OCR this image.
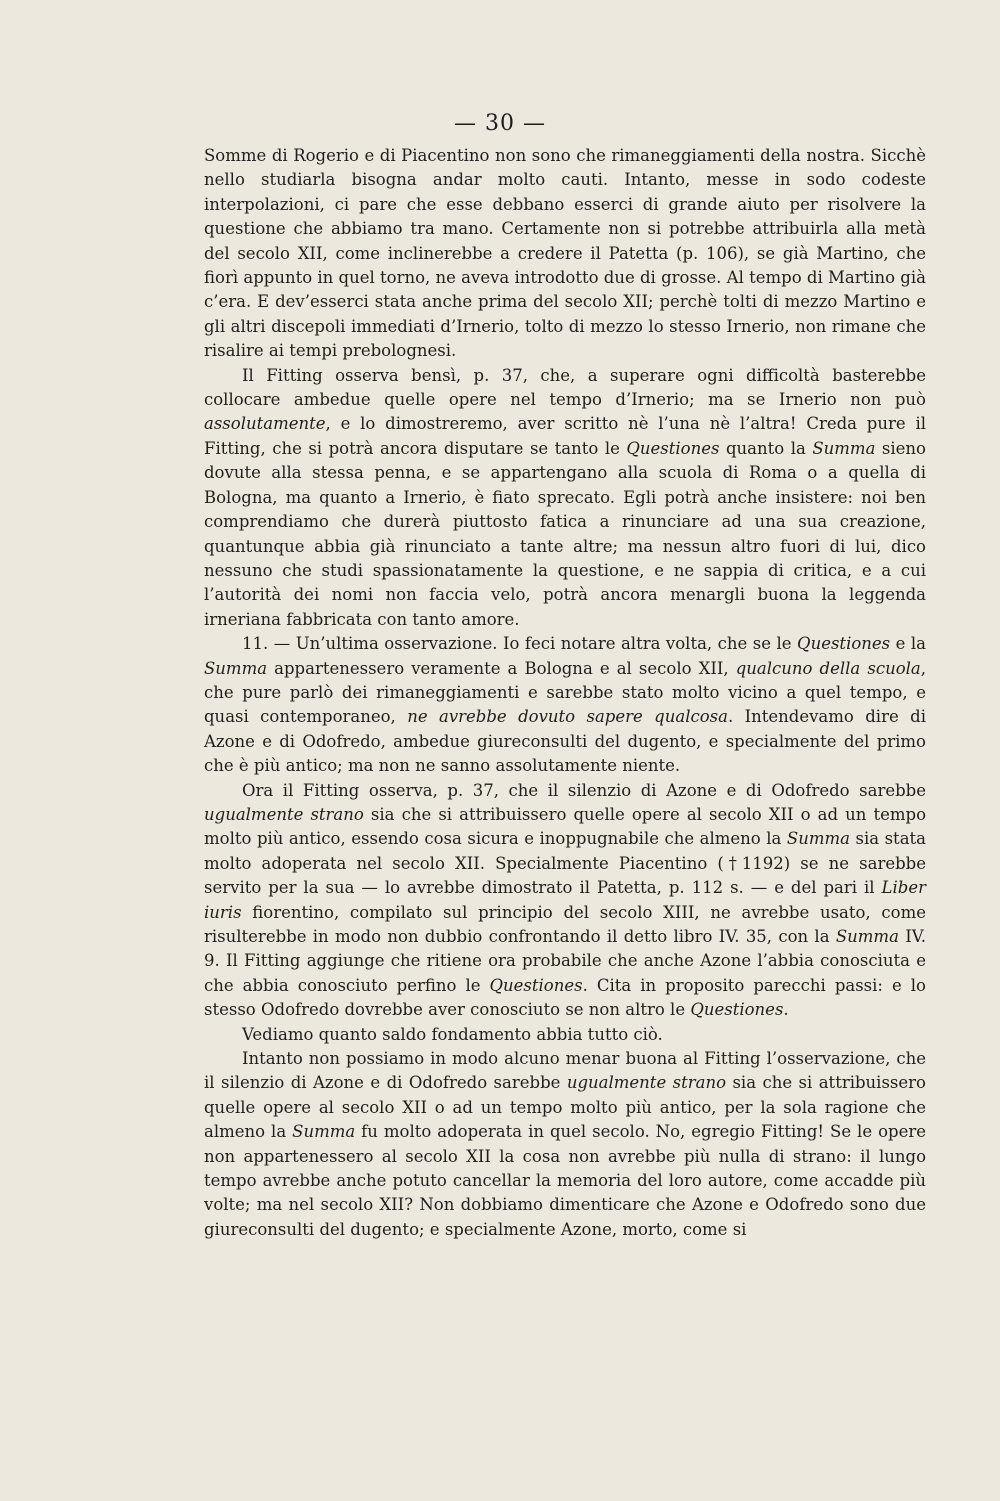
— 30 —

Somme di Rogerio e di Piacentino non sono che rimaneggiamenti della nostra. Sicchè nello studiarla bisogna andar molto cauti. Intanto, messe in sodo codeste interpolazioni, ci pare che esse debbano esserci di grande aiuto per risolvere la questione che abbiamo tra mano. Certamente non si potrebbe attribuirla alla metà del secolo XII, come inclinerebbe a credere il Patetta (p. 106), se già Martino, che fiorì appunto in quel torno, ne aveva introdotto due di grosse. Al tempo di Martino già c’era. E dev’esserci stata anche prima del secolo XII; perchè tolti di mezzo Martino e gli altri discepoli immediati d’Irnerio, tolto di mezzo lo stesso Irnerio, non rimane che risalire ai tempi prebolognesi.

Il Fitting osserva bensì, p. 37, che, a superare ogni difficoltà basterebbe collocare ambedue quelle opere nel tempo d’Irnerio; ma se Irnerio non può assolutamente, e lo dimostreremo, aver scritto nè l’una nè l’altra! Creda pure il Fitting, che si potrà ancora disputare se tanto le Questiones quanto la Summa sieno dovute alla stessa penna, e se appartengano alla scuola di Roma o a quella di Bologna, ma quanto a Irnerio, è fiato sprecato. Egli potrà anche insistere: noi ben comprendiamo che durerà piuttosto fatica a rinunciare ad una sua creazione, quantunque abbia già rinunciato a tante altre; ma nessun altro fuori di lui, dico nessuno che studi spassionatamente la questione, e ne sappia di critica, e a cui l’autorità dei nomi non faccia velo, potrà ancora menargli buona la leggenda irneriana fabbricata con tanto amore.

11. — Un’ultima osservazione. Io feci notare altra volta, che se le Questiones e la Summa appartenessero veramente a Bologna e al secolo XII, qualcuno della scuola, che pure parlò dei rimaneggiamenti e sarebbe stato molto vicino a quel tempo, e quasi contemporaneo, ne avrebbe dovuto sapere qualcosa. Intendevamo dire di Azone e di Odofredo, ambedue giureconsulti del dugento, e specialmente del primo che è più antico; ma non ne sanno assolutamente niente.

Ora il Fitting osserva, p. 37, che il silenzio di Azone e di Odofredo sarebbe ugualmente strano sia che si attribuissero quelle opere al secolo XII o ad un tempo molto più antico, essendo cosa sicura e inoppugnabile che almeno la Summa sia stata molto adoperata nel secolo XII. Specialmente Piacentino (†1192) se ne sarebbe servito per la sua — lo avrebbe dimostrato il Patetta, p. 112 s. — e del pari il Liber iuris fiorentino, compilato sul principio del secolo XIII, ne avrebbe usato, come risulterebbe in modo non dubbio confrontando il detto libro IV. 35, con la Summa IV. 9. Il Fitting aggiunge che ritiene ora probabile che anche Azone l’abbia conosciuta e che abbia conosciuto perfino le Questiones. Cita in proposito parecchi passi: e lo stesso Odofredo dovrebbe aver conosciuto se non altro le Questiones.

Vediamo quanto saldo fondamento abbia tutto ciò.

Intanto non possiamo in modo alcuno menar buona al Fitting l’osservazione, che il silenzio di Azone e di Odofredo sarebbe ugualmente strano sia che si attribuissero quelle opere al secolo XII o ad un tempo molto più antico, per la sola ragione che almeno la Summa fu molto adoperata in quel secolo. No, egregio Fitting! Se le opere non appartenessero al secolo XII la cosa non avrebbe più nulla di strano: il lungo tempo avrebbe anche potuto cancellar la memoria del loro autore, come accadde più volte; ma nel secolo XII? Non dobbiamo dimenticare che Azone e Odofredo sono due giureconsulti del dugento; e specialmente Azone, morto, come si
